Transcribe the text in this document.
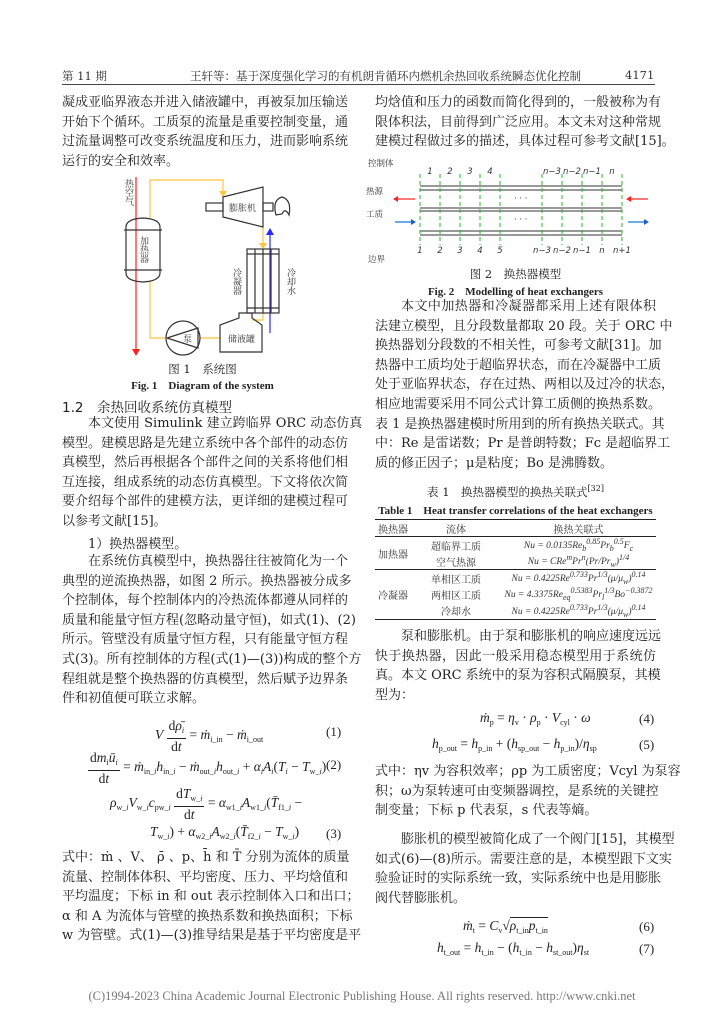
第 11 期	王轩等：基于深度强化学习的有机朗肯循环内燃机余热回收系统瞬态优化控制	4171
凝成亚临界液态并进入储液罐中，再被泵加压输送
开始下个循环。工质泵的流量是重要控制变量，通
过流量调整可改变系统温度和压力，进而影响系统
运行的安全和效率。
热空气
加热器
膨胀机
冷凝器	冷却水
泵	储液罐
图 1　系统图
Fig. 1　Diagram of the system
1.2　余热回收系统仿真模型
本文使用 Simulink 建立跨临界 ORC 动态仿真
模型。建模思路是先建立系统中各个部件的动态仿
真模型，然后再根据各个部件之间的关系将他们相
互连接，组成系统的动态仿真模型。下文将依次简
要介绍每个部件的建模方法，更详细的建模过程可
以参考文献[15]。
1）换热器模型。
在系统仿真模型中，换热器往往被简化为一个
典型的逆流换热器，如图 2 所示。换热器被分成多
个控制体，每个控制体内的冷热流体都遵从同样的
质量和能量守恒方程(忽略动量守恒)，如式(1)、(2)
所示。管壁没有质量守恒方程，只有能量守恒方程
式(3)。所有控制体的方程(式(1)—(3))构成的整个方
程组就是整个换热器的仿真模型，然后赋予边界条
件和初值便可联立求解。
V $\frac{d\rhō_i}{dt}$ = ṁ$_{i\_in}$ − ṁ$_{i\_out}$
(1)
$\frac{dm_iū_i}{dt}$ = $ṁ_{in\_i}h_{in\_i}$ − $ṁ_{out\_i}h_{out\_i} + \alpha_iA_i(T_i - T_{w\_i})$ (2)
$\rho_{w\_i}V_{w\_i}c_{pw\_i} \frac{dT_{w\_i}}{dt}$ = $\alpha_{w1\_i}A_{w1\_i}(T̄_{f1\_i}$ −
$T_{w\_i}$) + $\alpha_{w2\_i}A_{w2\_i}(T̄_{f2\_i} - T_{w\_i})$ (3)
式中：ṁ 、V、 ρ̄ 、p、h̄ 和 T̄ 分别为流体的质量
流量、控制体体积、平均密度、压力、平均焓值和
平均温度；下标 in 和 out 表示控制体入口和出口；
α 和 A 为流体与管壁的换热系数和换热面积；下标
w 为管壁。式(1)—(3)推导结果是基于平均密度是平
均焓值和压力的函数而简化得到的，一般被称为有
限体积法，目前得到广泛应用。本文未对这种常规
建模过程做过多的描述，具体过程可参考文献[15]。
控制体
热源
工质
边界
· · ·
· · ·
1 2 3 4	n−3 n−2 n−1 n
1 2 3 4 5	n−3 n−2 n−1 n n+1
图 2　换热器模型
Fig. 2　Modelling of heat exchangers
本文中加热器和冷凝器都采用上述有限体积
法建立模型，且分段数量都取 20 段。关于 ORC 中
换热器划分段数的不相关性，可参考文献[31]。加
热器中工质均处于超临界状态，而在冷凝器中工质
处于亚临界状态，存在过热、两相以及过冷的状态，
相应地需要采用不同公式计算工质侧的换热系数。
表 1 是换热器建模时所用到的所有换热关联式。其
中：Re 是雷诺数；Pr 是普朗特数；Fc 是超临界工
质的修正因子；μ是粘度；Bo 是沸腾数。
表 1　换热器模型的换热关联式[32]
Table 1　Heat transfer correlations of the heat exchangers
换热器	流体	换热关联式
加热器	超临界工质	$Nu = 0.0135Re_b^{0.85}Pr_b^{0.5}F_c$
	空气热源	$Nu = CRe^mPr^n(Pr/Pr_w)^{1/4}$
冷凝器	单相区工质	$Nu = 0.4225Re^{0.733}Pr^{1/3}(\mu/\mu_w)^{0.14}$
	两相区工质	$Nu = 4.3375Re_{eq}^{0.5383}Pr_l^{1/3}Bo^{-0.3872}$
	冷却水	$Nu = 0.4225Re^{0.733}Pr^{1/3}(\mu/\mu_w)^{0.14}$
泵和膨胀机。由于泵和膨胀机的响应速度远远
快于换热器，因此一般采用稳态模型用于系统仿
真。本文 ORC 系统中的泵为容积式隔膜泵，其模
型为：
ṁ$_p$ = $\eta_v \cdot \rho_p \cdot V_{cyl} \cdot \omega$	(4)
$h_{p\_out} = h_{p\_in} + (h_{sp\_out} - h_{p\_in})/\eta_{sp}$	(5)
式中：ηv 为容积效率；ρp 为工质密度；Vcyl 为泵容
积；ω为泵转速可由变频器调控，是系统的关键控
制变量；下标 p 代表泵，s 代表等熵。
膨胀机的模型被简化成了一个阀门[15]，其模型
如式(6)—(8)所示。需要注意的是，本模型跟下文实
验验证时的实际系统一致，实际系统中也是用膨胀
阀代替膨胀机。
ṁ$_t$ = $C_v√\rho_{t\_in}p_{t\_in}$	(6)
$h_{t\_out} = h_{t\_in} - (h_{t\_in} - h_{st\_out})\eta_{st}$	(7)
(C)1994-2023 China Academic Journal Electronic Publishing House. All rights reserved. http://www.cnki.net
